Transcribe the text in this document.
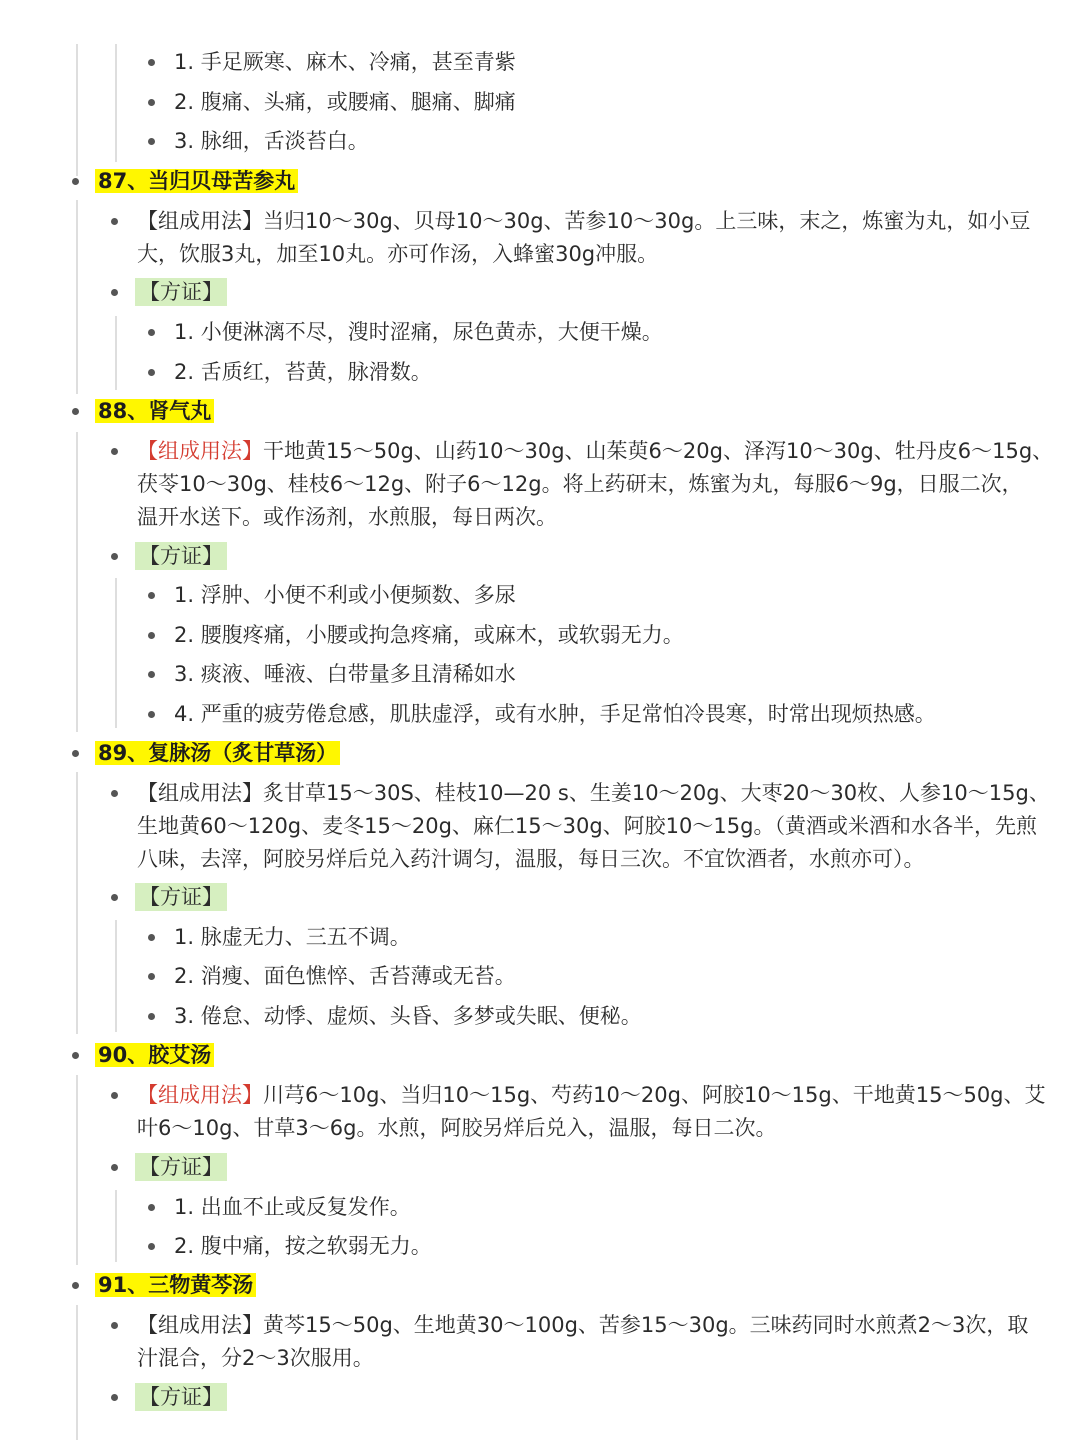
1. 手足厥寒、麻木、冷痛，甚至青紫
2. 腹痛、头痛，或腰痛、腿痛、脚痛
3. 脉细，舌淡苔白。
87、当归贝母苦参丸
【组成用法】当归10～30g、贝母10～30g、苦参10～30g。上三味，末之，炼蜜为丸，如小豆
大，饮服3丸，加至10丸。亦可作汤，入蜂蜜30g冲服。
【方证】
1. 小便淋漓不尽，溲时涩痛，尿色黄赤，大便干燥。
2. 舌质红，苔黄，脉滑数。
88、肾气丸
【组成用法】干地黄15～50g、山药10～30g、山茱萸6～20g、泽泻10～30g、牡丹皮6～15g、
茯苓10～30g、桂枝6～12g、附子6～12g。将上药研末，炼蜜为丸，每服6～9g，日服二次，
温开水送下。或作汤剂，水煎服，每日两次。
【方证】
1. 浮肿、小便不利或小便频数、多尿
2. 腰腹疼痛，小腰或拘急疼痛，或麻木，或软弱无力。
3. 痰液、唾液、白带量多且清稀如水
4. 严重的疲劳倦怠感，肌肤虚浮，或有水肿，手足常怕冷畏寒，时常出现烦热感。
89、复脉汤（炙甘草汤）
【组成用法】炙甘草15～30S、桂枝10—20 s、生姜10～20g、大枣20～30枚、人参10～15g、
生地黄60～120g、麦冬15～20g、麻仁15～30g、阿胶10～15g。（黄酒或米酒和水各半，先煎
八味，去滓，阿胶另烊后兑入药汁调匀，温服，每日三次。不宜饮酒者，水煎亦可）。
【方证】
1. 脉虚无力、三五不调。
2. 消瘦、面色憔悴、舌苔薄或无苔。
3. 倦怠、动悸、虚烦、头昏、多梦或失眠、便秘。
90、胶艾汤
【组成用法】川芎6～10g、当归10～15g、芍药10～20g、阿胶10～15g、干地黄15～50g、艾
叶6～10g、甘草3～6g。水煎，阿胶另烊后兑入，温服，每日二次。
【方证】
1. 出血不止或反复发作。
2. 腹中痛，按之软弱无力。
91、三物黄芩汤
【组成用法】黄芩15～50g、生地黄30～100g、苦参15～30g。三味药同时水煎煮2～3次，取
汁混合，分2～3次服用。
【方证】
